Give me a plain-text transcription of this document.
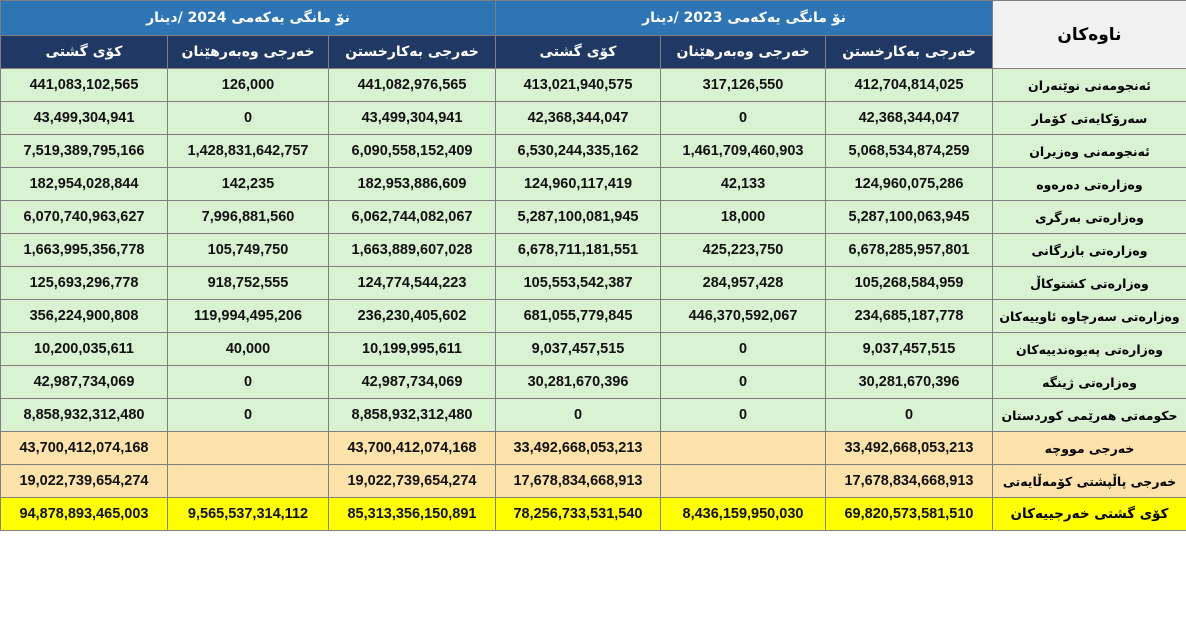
نۆ مانگی یەکەمی 2024 /دینار			نۆ مانگی یەکەمی 2023 /دینار			ناوەکان
کۆی گشتی	خەرجی وەبەرهێنان	خەرجی بەکارخستن	کۆی گشتی	خەرجی وەبەرهێنان	خەرجی بەکارخستن	
441,083,102,565	126,000	441,082,976,565	413,021,940,575	317,126,550	412,704,814,025	ئەنجومەنی نوێنەران
43,499,304,941	0	43,499,304,941	42,368,344,047	0	42,368,344,047	سەرۆکایەتی کۆمار
7,519,389,795,166	1,428,831,642,757	6,090,558,152,409	6,530,244,335,162	1,461,709,460,903	5,068,534,874,259	ئەنجومەنی وەزیران
182,954,028,844	142,235	182,953,886,609	124,960,117,419	42,133	124,960,075,286	وەزارەتی دەرەوە
6,070,740,963,627	7,996,881,560	6,062,744,082,067	5,287,100,081,945	18,000	5,287,100,063,945	وەزارەتی بەرگری
1,663,995,356,778	105,749,750	1,663,889,607,028	6,678,711,181,551	425,223,750	6,678,285,957,801	وەزارەتی بازرگانی
125,693,296,778	918,752,555	124,774,544,223	105,553,542,387	284,957,428	105,268,584,959	وەزارەتی کشتوکاڵ
356,224,900,808	119,994,495,206	236,230,405,602	681,055,779,845	446,370,592,067	234,685,187,778	وەزارەتی سەرچاوە ئاوییەکان
10,200,035,611	40,000	10,199,995,611	9,037,457,515	0	9,037,457,515	وەزارەتی پەیوەندییەکان
42,987,734,069	0	42,987,734,069	30,281,670,396	0	30,281,670,396	وەزارەتی ژینگە
8,858,932,312,480	0	8,858,932,312,480	0	0	0	حکومەتی هەرێمی کوردستان
43,700,412,074,168		43,700,412,074,168	33,492,668,053,213		33,492,668,053,213	خەرجی مووچە
19,022,739,654,274		19,022,739,654,274	17,678,834,668,913		17,678,834,668,913	خەرجی پاڵپشتی کۆمەڵایەتی
94,878,893,465,003	9,565,537,314,112	85,313,356,150,891	78,256,733,531,540	8,436,159,950,030	69,820,573,581,510	کۆی گشتی خەرجییەکان
